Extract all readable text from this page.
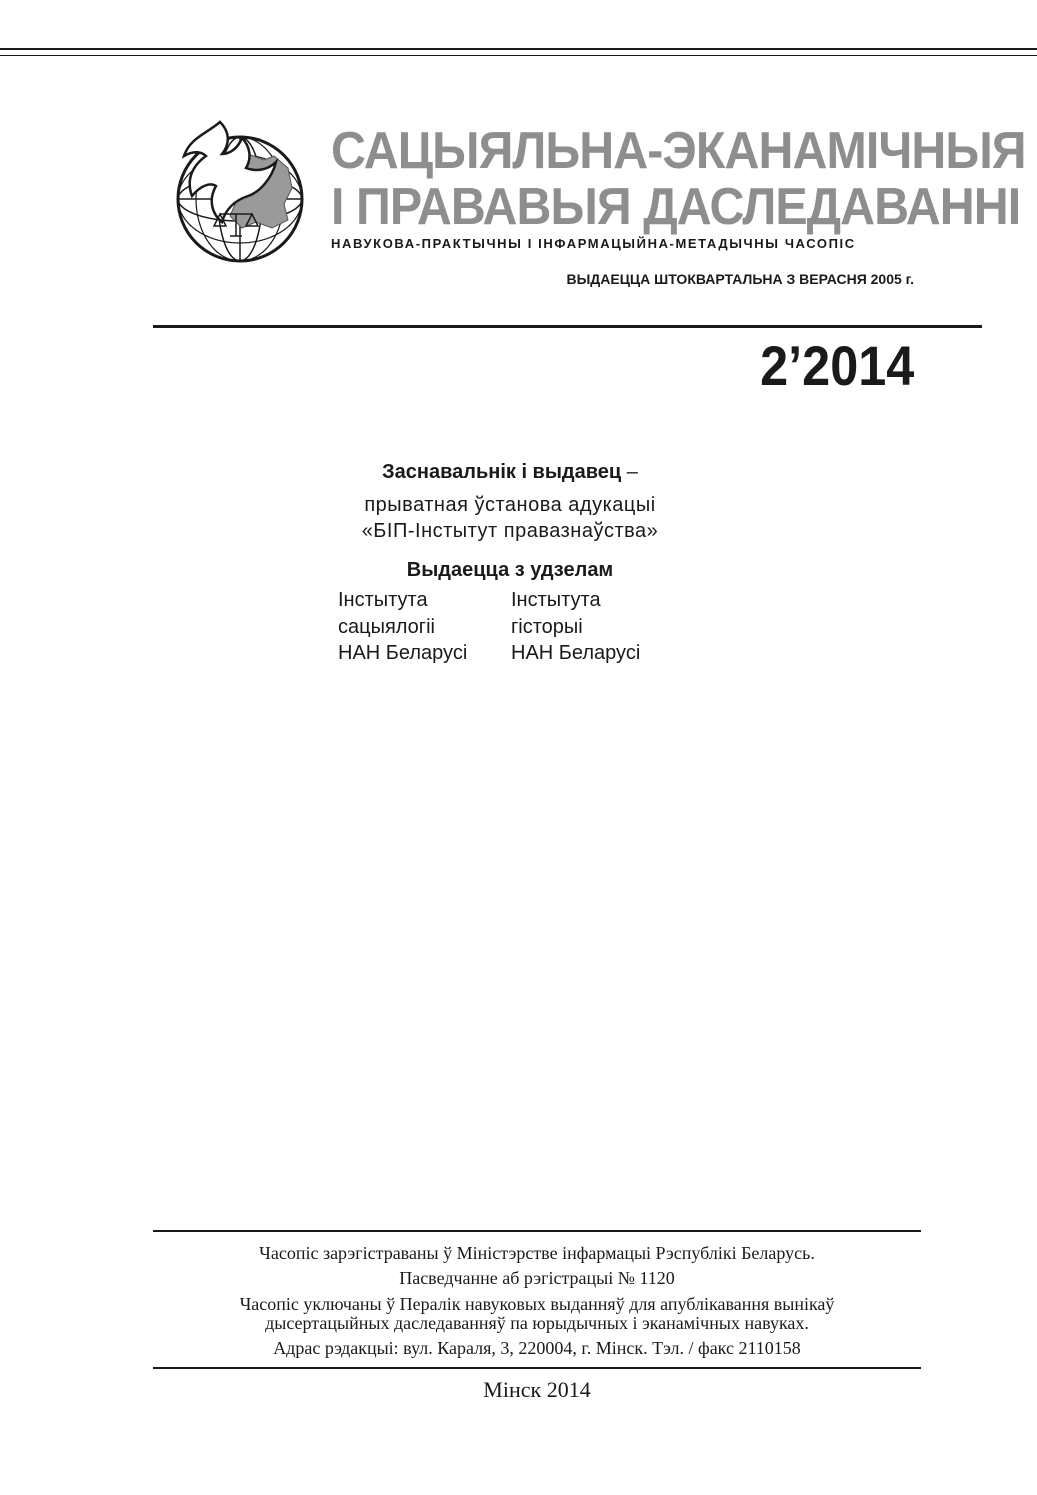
САЦЫЯЛЬНА-ЭКАНАМІЧНЫЯ
І ПРАВАВЫЯ ДАСЛЕДАВАННІ
НАВУКОВА-ПРАКТЫЧНЫ І ІНФАРМАЦЫЙНА-МЕТАДЫЧНЫ ЧАСОПІС
ВЫДАЕЦЦА ШТОКВАРТАЛЬНА З ВЕРАСНЯ 2005 г.
2’2014
Заснавальнік і выдавец –
прыватная ўстанова адукацыі
«БІП-Інстытут правазнаўства»
Выдаецца з удзелам
Інстытута
сацыялогіі
НАН Беларусі
Інстытута
гісторыі
НАН Беларусі
Часопіс зарэгістраваны ў Міністэрстве інфармацыі Рэспублікі Беларусь.
Пасведчанне аб рэгістрацыі № 1120
Часопіс уключаны ў Пералік навуковых выданняў для апублікавання вынікаў
дысертацыйных даследаванняў па юрыдычных і эканамічных навуках.
Адрас рэдакцыі: вул. Караля, 3, 220004, г. Мінск. Тэл. / факс 2110158
Мінск 2014
